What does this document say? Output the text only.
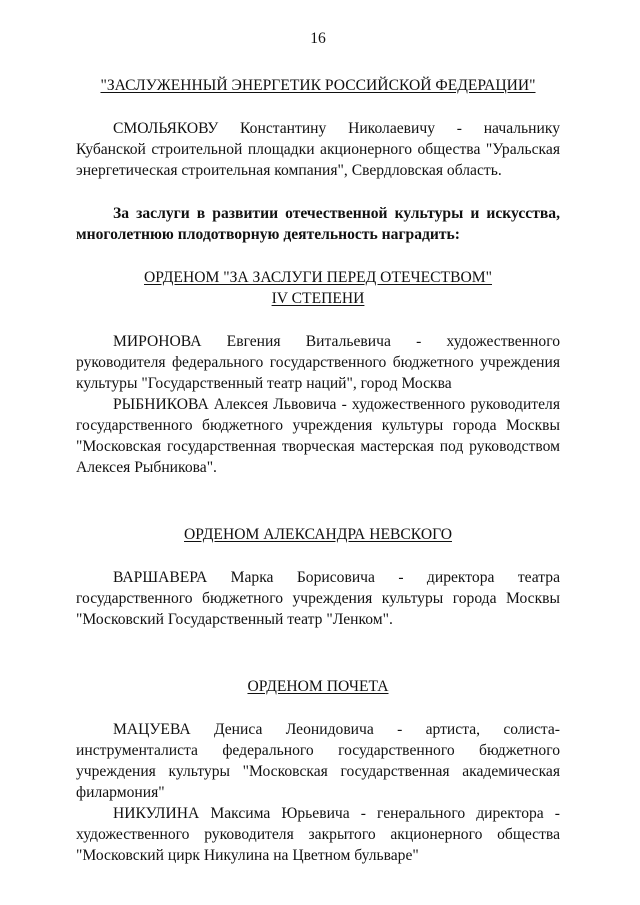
16

"ЗАСЛУЖЕННЫЙ ЭНЕРГЕТИК РОССИЙСКОЙ ФЕДЕРАЦИИ"

СМОЛЬЯКОВУ Константину Николаевичу - начальнику Кубанской строительной площадки акционерного общества "Уральская энергетическая строительная компания", Свердловская область.

За заслуги в развитии отечественной культуры и искусства, многолетнюю плодотворную деятельность наградить:

ОРДЕНОМ "ЗА ЗАСЛУГИ ПЕРЕД ОТЕЧЕСТВОМ"

IV СТЕПЕНИ

МИРОНОВА Евгения Витальевича - художественного руководителя федерального государственного бюджетного учреждения культуры "Государственный театр наций", город Москва

РЫБНИКОВА Алексея Львовича - художественного руководителя государственного бюджетного учреждения культуры города Москвы "Московская государственная творческая мастерская под руководством Алексея Рыбникова".

ОРДЕНОМ АЛЕКСАНДРА НЕВСКОГО

ВАРШАВЕРА Марка Борисовича - директора театра государственного бюджетного учреждения культуры города Москвы "Московский Государственный театр "Ленком".

ОРДЕНОМ ПОЧЕТА

МАЦУЕВА Дениса Леонидовича - артиста, солиста-инструменталиста федерального государственного бюджетного учреждения культуры "Московская государственная академическая филармония"

НИКУЛИНА Максима Юрьевича - генерального директора - художественного руководителя закрытого акционерного общества "Московский цирк Никулина на Цветном бульваре"
